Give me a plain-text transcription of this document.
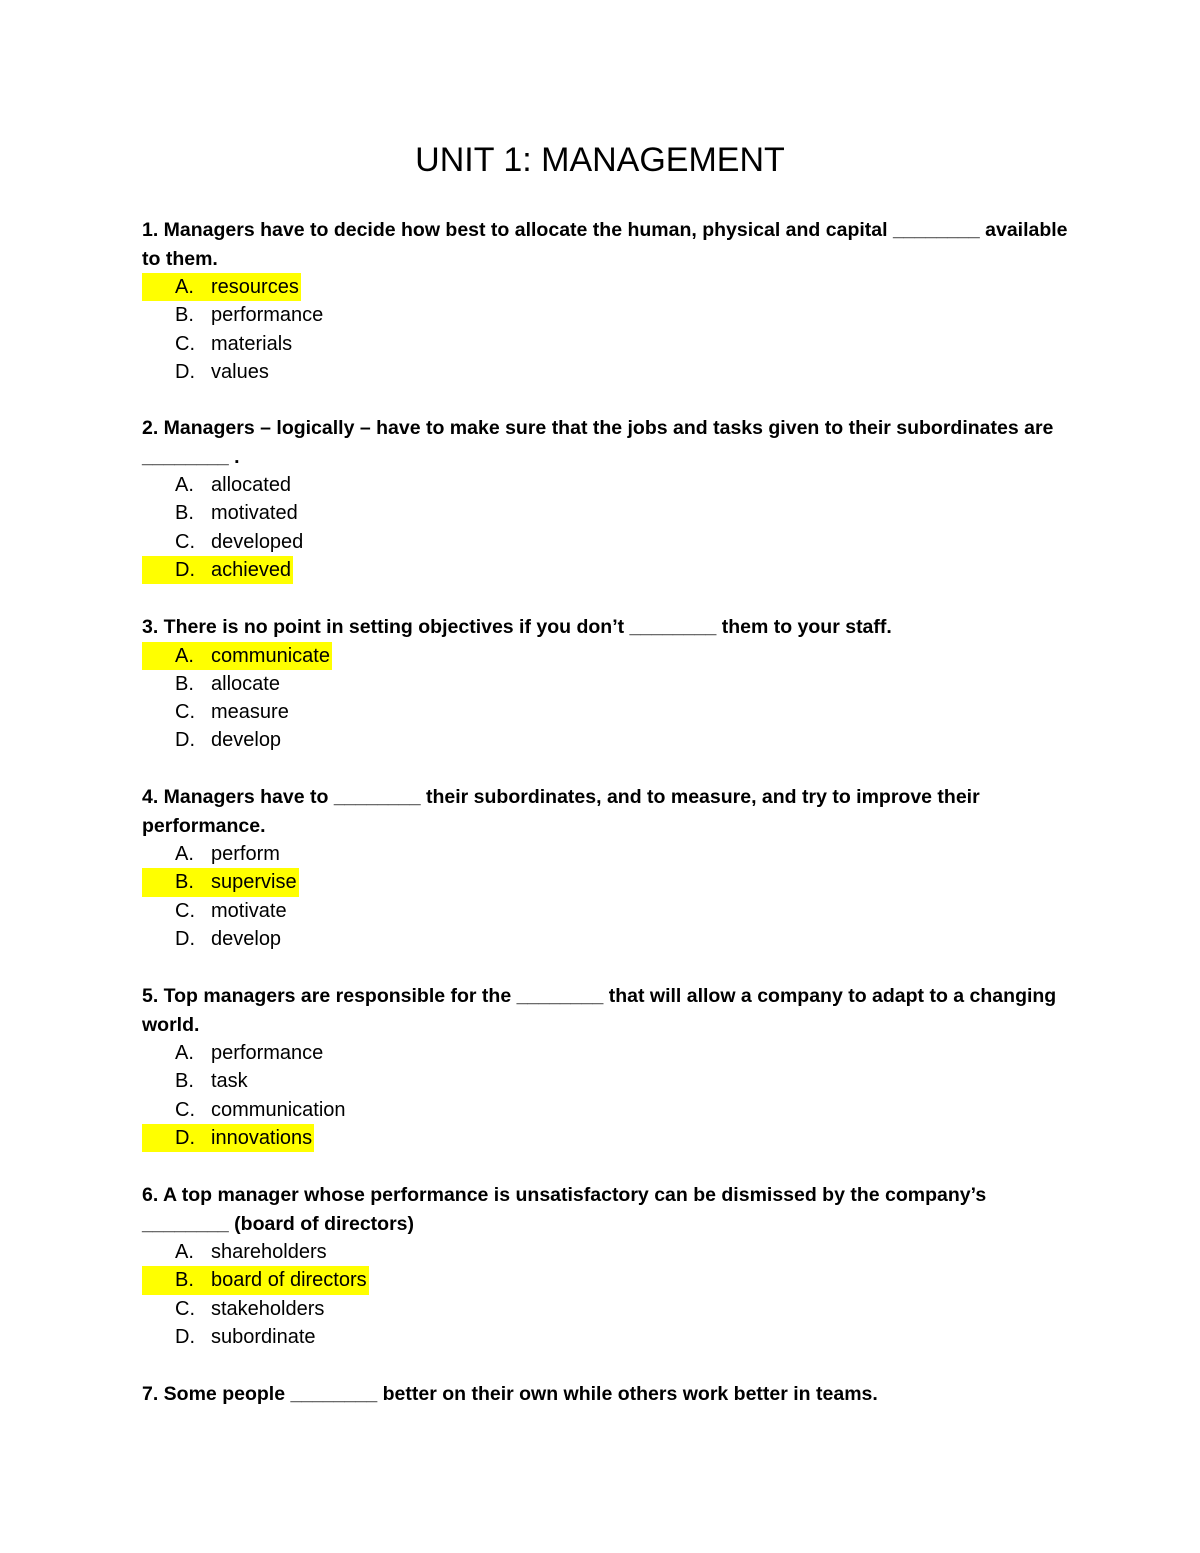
UNIT 1: MANAGEMENT

1. Managers have to decide how best to allocate the human, physical and capital ________ available to them.

A. resources
B. performance
C. materials
D. values

2. Managers – logically – have to make sure that the jobs and tasks given to their subordinates are ________ .

A. allocated
B. motivated
C. developed
D. achieved

3. There is no point in setting objectives if you don’t ________ them to your staff.

A. communicate
B. allocate
C. measure
D. develop

4. Managers have to ________ their subordinates, and to measure, and try to improve their performance.

A. perform
B. supervise
C. motivate
D. develop

5. Top managers are responsible for the ________ that will allow a company to adapt to a changing world.

A. performance
B. task
C. communication
D. innovations

6. A top manager whose performance is unsatisfactory can be dismissed by the company’s ________ (board of directors)

A. shareholders
B. board of directors
C. stakeholders
D. subordinate

7. Some people ________ better on their own while others work better in teams.
